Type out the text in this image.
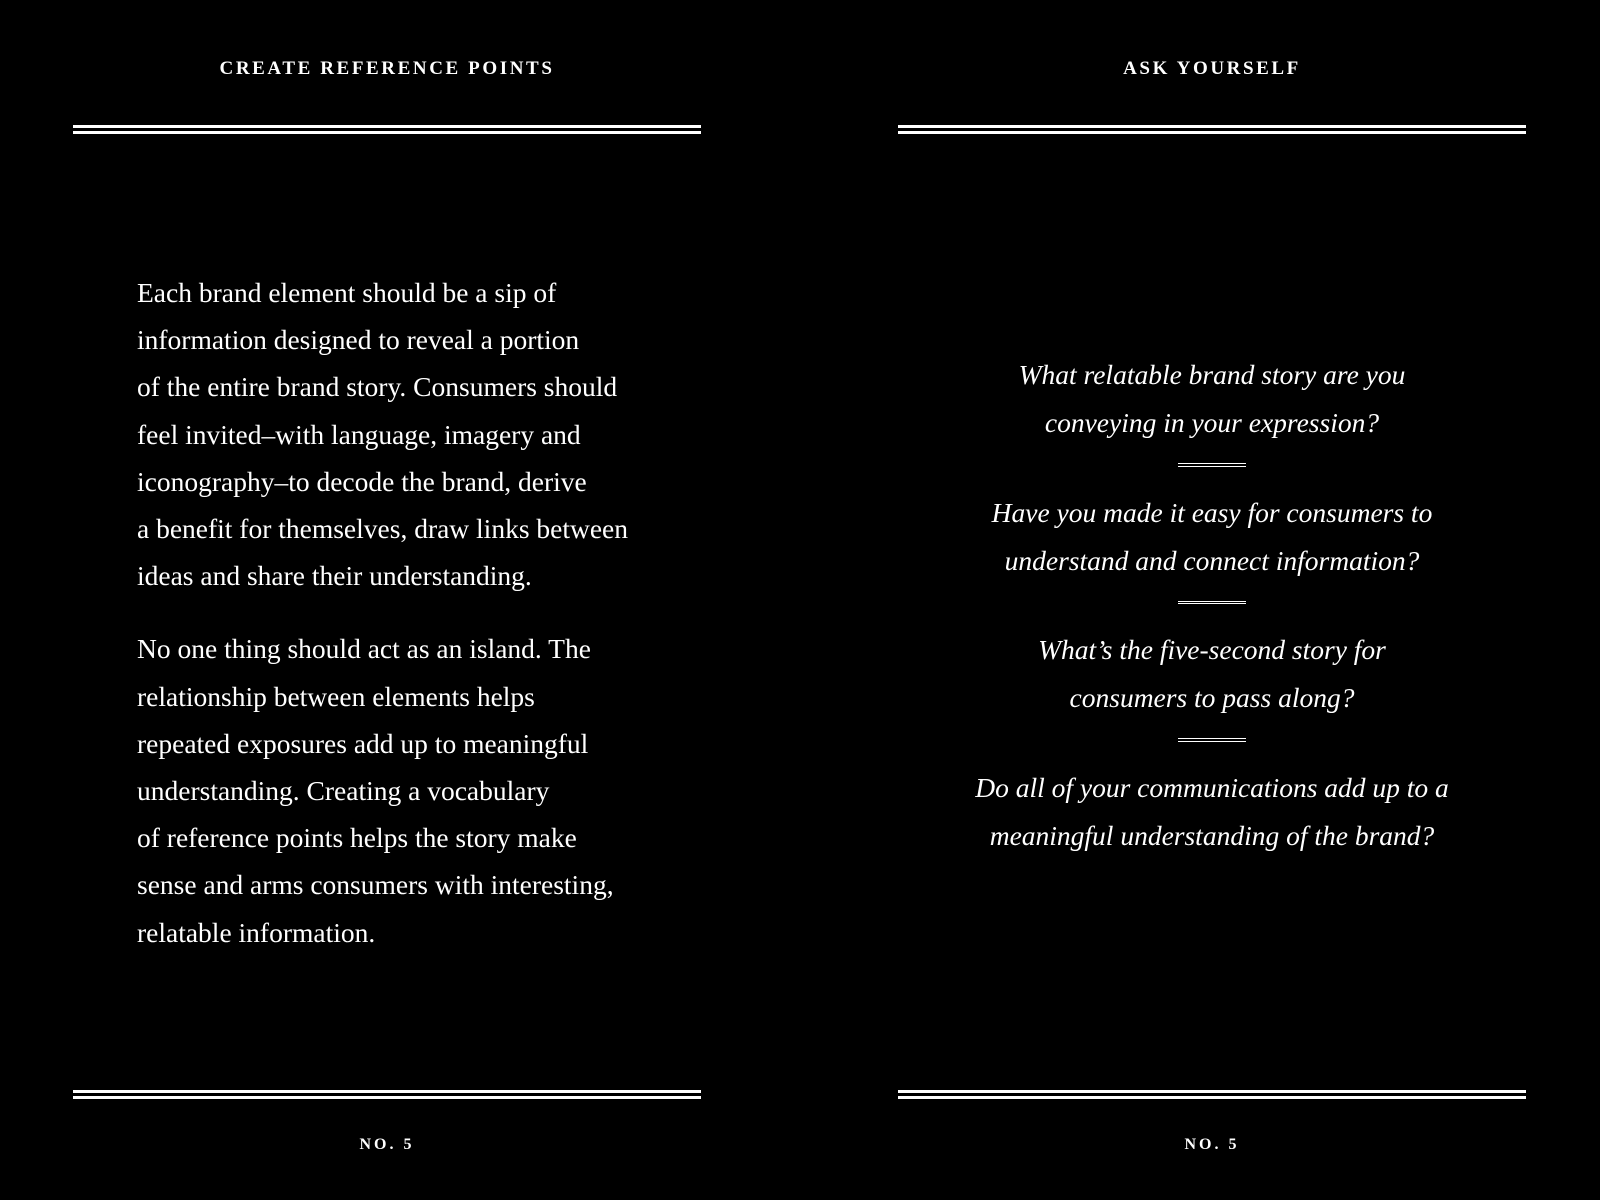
CREATE REFERENCE POINTS

Each brand element should be a sip of
information designed to reveal a portion
of the entire brand story. Consumers should
feel invited–with language, imagery and
iconography–to decode the brand, derive
a benefit for themselves, draw links between
ideas and share their understanding.

No one thing should act as an island. The
relationship between elements helps
repeated exposures add up to meaningful
understanding. Creating a vocabulary
of reference points helps the story make
sense and arms consumers with interesting,
relatable information.

NO. 5
ASK YOURSELF
What relatable brand story are you
conveying in your expression?
Have you made it easy for consumers to
understand and connect information?
What’s the five-second story for
consumers to pass along?
Do all of your communications add up to a
meaningful understanding of the brand?
NO. 5
